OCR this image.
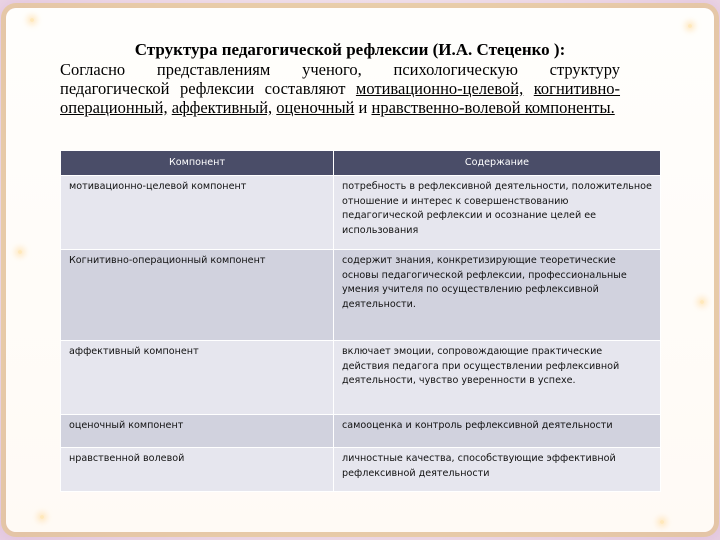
Структура педагогической рефлексии (И.А. Стеценко ):

Согласно представлениям ученого, психологическую структуру педагогической рефлексии составляют мотивационно-целевой, когнитивно-операционный, аффективный, оценочный и нравственно-волевой компоненты.

Компонент	Содержание
мотивационно-целевой компонент	потребность в рефлексивной деятельности, положительное отношение и интерес к совершенствованию педагогической рефлексии и осознание целей ее использования
Когнитивно-операционный компонент	содержит знания, конкретизирующие теоретические основы педагогической рефлексии, профессиональные умения учителя по осуществлению рефлексивной деятельности.
аффективный компонент	включает эмоции, сопровождающие практические действия педагога при осуществлении рефлексивной деятельности, чувство уверенности в успехе.
оценочный компонент	самооценка и контроль рефлексивной деятельности
нравственной волевой	личностные качества, способствующие эффективной рефлексивной деятельности
